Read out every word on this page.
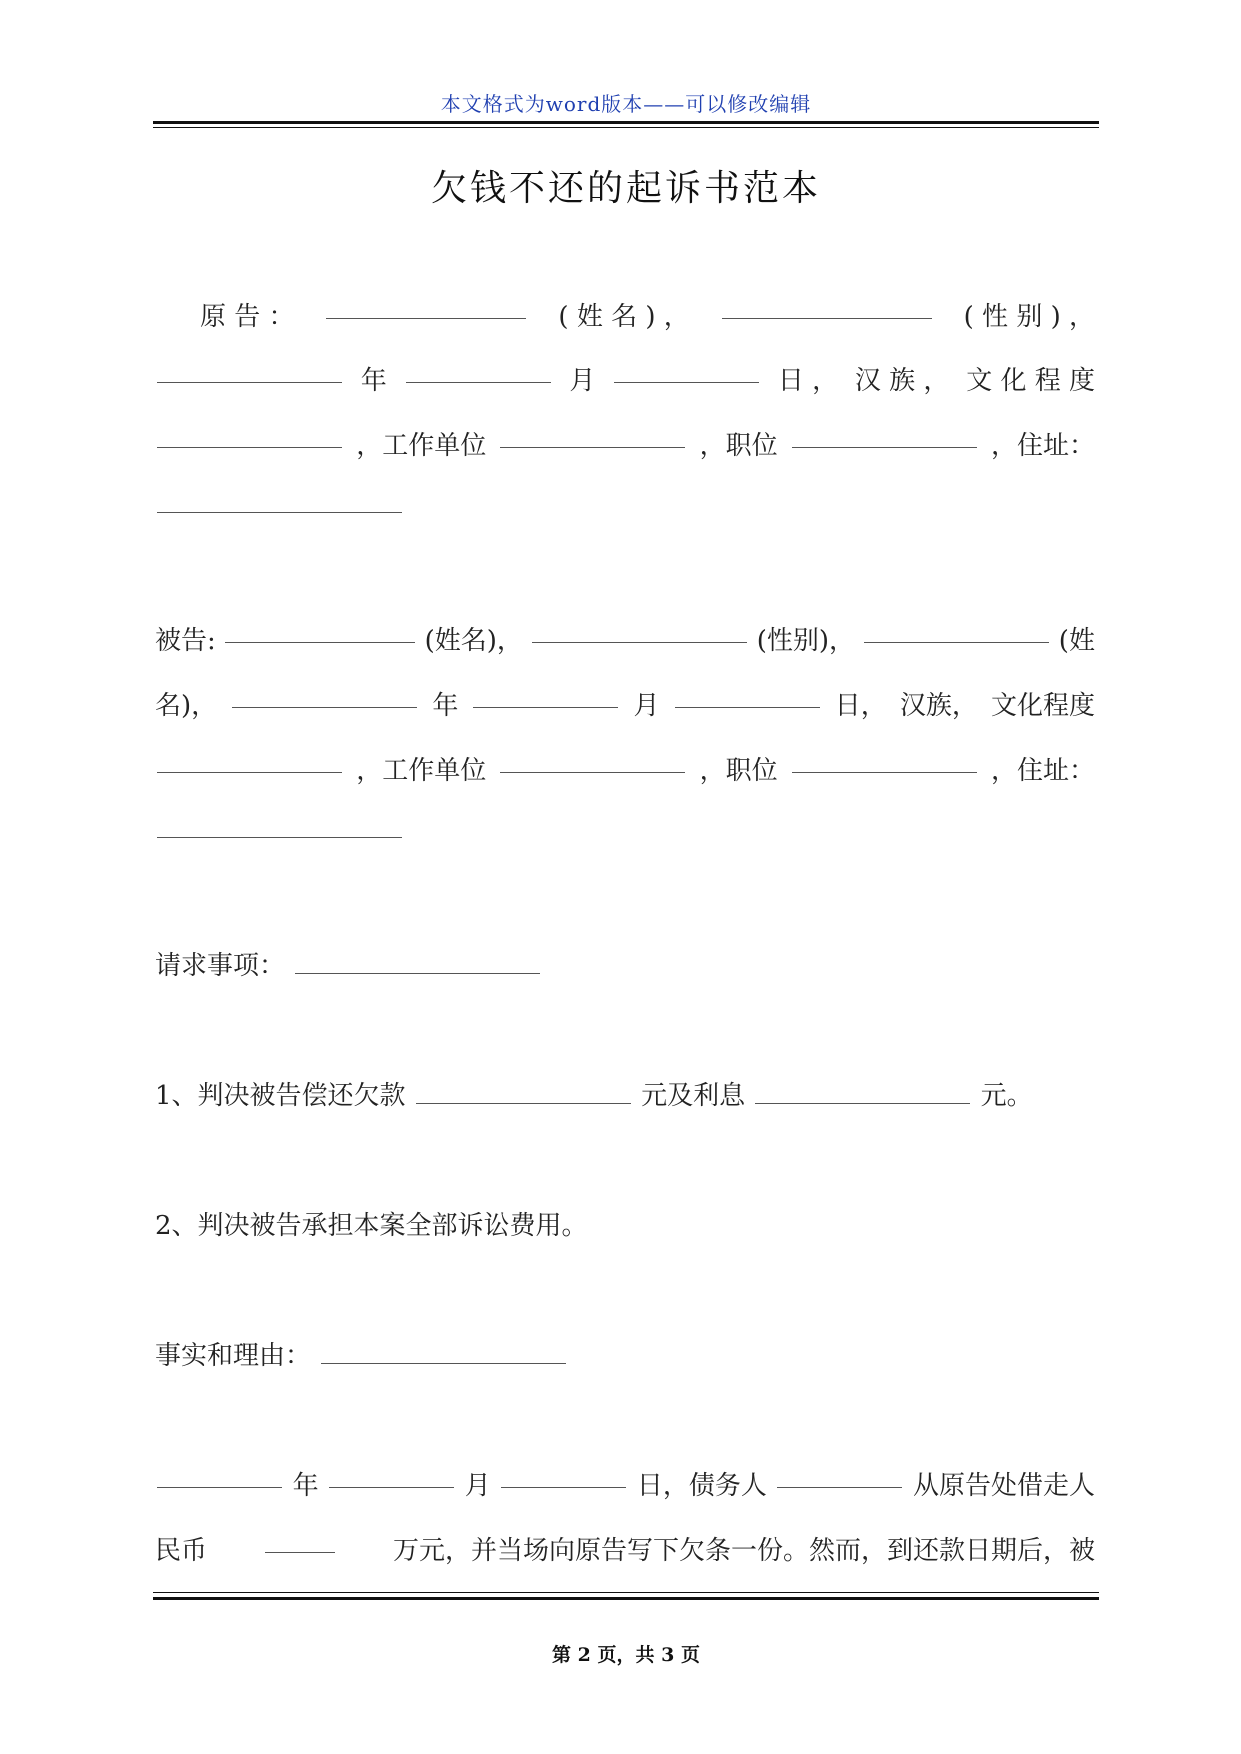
本文格式为word版本——可以修改编辑
欠钱不还的起诉书范本
原 告 ：	( 姓 名 ) ，	( 性 别 ) ，
年	月	日 ， 汉 族 ， 文 化 程 度
，工作单位	，职位	，住址：
被告:	(姓名)，	(性别)，	(姓
名)，	年	月	日， 汉族， 文化程度
，工作单位	，职位	，住址：
请求事项：
1、判决被告偿还欠款	元及利息	元。
2、判决被告承担本案全部诉讼费用。
事实和理由：
年	月	日，债务人	从原告处借走人
民币	万元，并当场向原告写下欠条一份。然而，到还款日期后，被
第 2 页，共 3 页
